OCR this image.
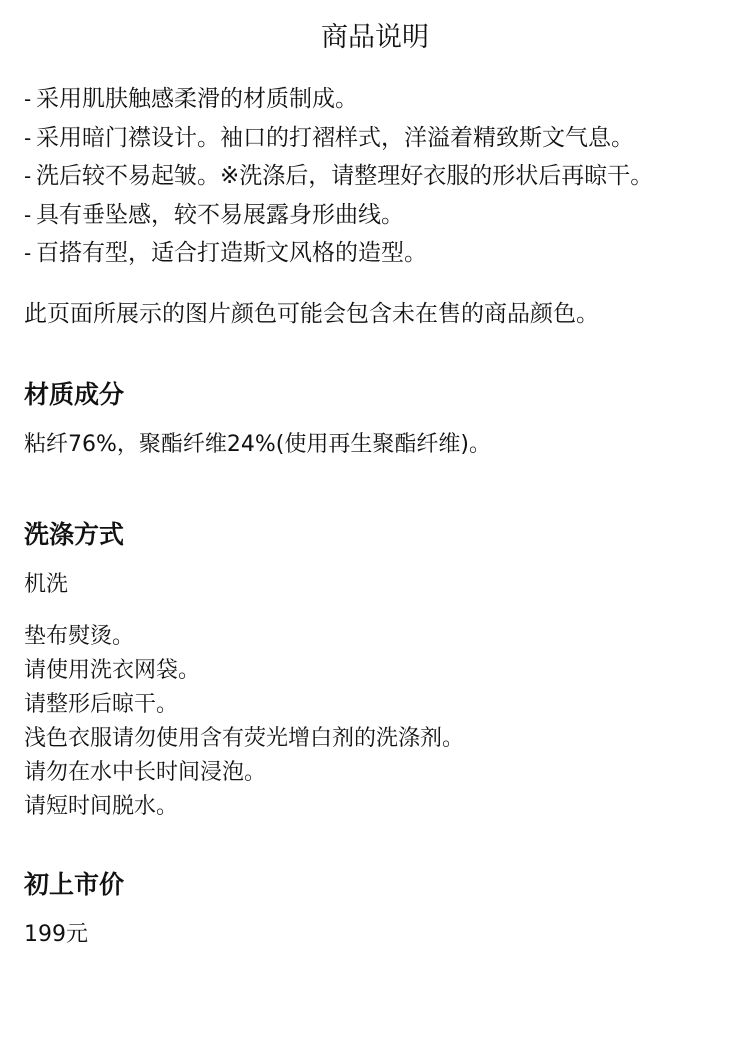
商品说明
- 采用肌肤触感柔滑的材质制成。
- 采用暗门襟设计。袖口的打褶样式，洋溢着精致斯文气息。
- 洗后较不易起皱。※洗涤后，请整理好衣服的形状后再晾干。
- 具有垂坠感，较不易展露身形曲线。
- 百搭有型，适合打造斯文风格的造型。

此页面所展示的图片颜色可能会包含未在售的商品颜色。

材质成分

粘纤76%，聚酯纤维24%(使用再生聚酯纤维)。

洗涤方式

机洗

垫布熨烫。
请使用洗衣网袋。
请整形后晾干。
浅色衣服请勿使用含有荧光增白剂的洗涤剂。
请勿在水中长时间浸泡。
请短时间脱水。
初上市价

199元
